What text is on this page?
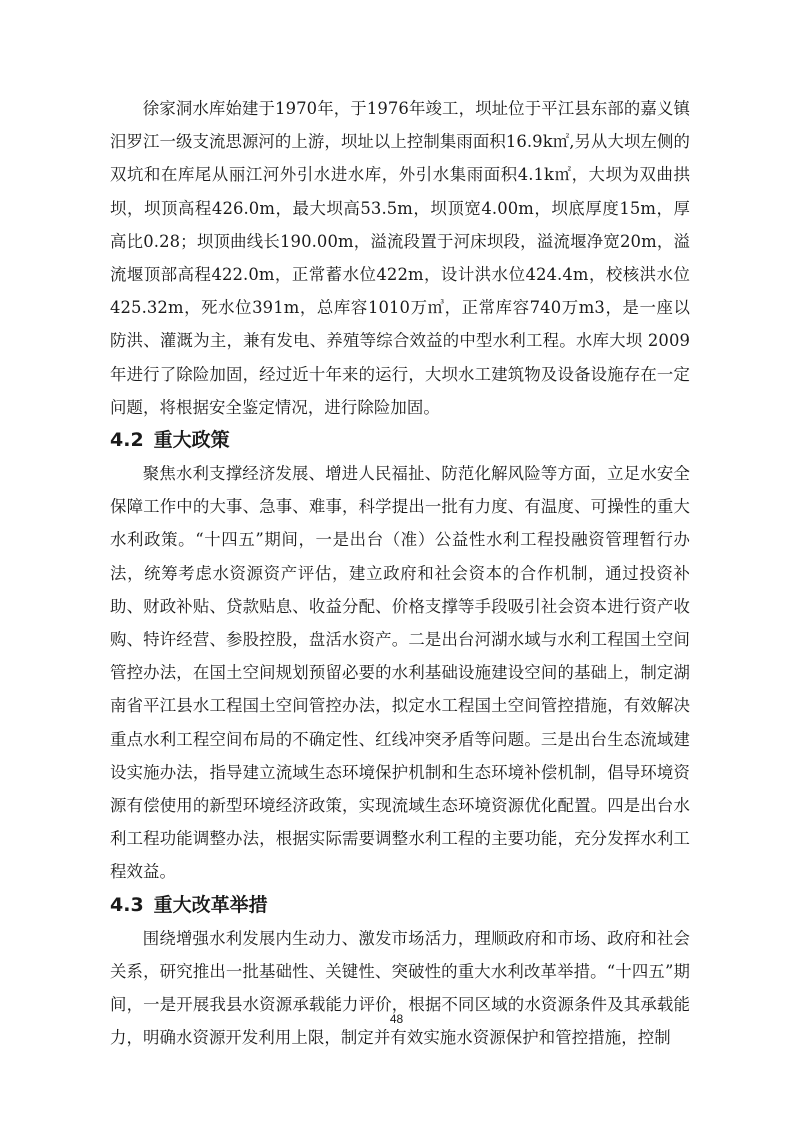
徐家洞水库始建于1970年，于1976年竣工，坝址位于平江县东部的嘉义镇汨罗江一级支流思源河的上游，坝址以上控制集雨面积16.9k㎡,另从大坝左侧的双坑和在库尾从丽江河外引水进水库，外引水集雨面积4.1k㎡，大坝为双曲拱坝，坝顶高程426.0m，最大坝高53.5m，坝顶宽4.00m，坝底厚度15m，厚高比0.28；坝顶曲线长190.00m，溢流段置于河床坝段，溢流堰净宽20m，溢流堰顶部高程422.0m，正常蓄水位422m，设计洪水位424.4m，校核洪水位425.32m，死水位391m，总库容1010万㎥，正常库容740万m3，是一座以防洪、灌溉为主，兼有发电、养殖等综合效益的中型水利工程。水库大坝 2009 年进行了除险加固，经过近十年来的运行，大坝水工建筑物及设备设施存在一定问题，将根据安全鉴定情况，进行除险加固。

4.2 重大政策

聚焦水利支撑经济发展、增进人民福扯、防范化解风险等方面，立足水安全保障工作中的大事、急事、难事，科学提出一批有力度、有温度、可操性的重大水利政策。“十四五”期间，一是出台（准）公益性水利工程投融资管理暂行办法，统筹考虑水资源资产评估，建立政府和社会资本的合作机制，通过投资补助、财政补贴、贷款贴息、收益分配、价格支撑等手段吸引社会资本进行资产收购、特许经营、参股控股，盘活水资产。二是出台河湖水域与水利工程国土空间管控办法，在国土空间规划预留必要的水利基础设施建设空间的基础上，制定湖南省平江县水工程国土空间管控办法，拟定水工程国土空间管控措施，有效解决重点水利工程空间布局的不确定性、红线冲突矛盾等问题。三是出台生态流域建设实施办法，指导建立流域生态环境保护机制和生态环境补偿机制，倡导环境资源有偿使用的新型环境经济政策，实现流域生态环境资源优化配置。四是出台水利工程功能调整办法，根据实际需要调整水利工程的主要功能，充分发挥水利工程效益。

4.3 重大改革举措

围绕增强水利发展内生动力、激发市场活力，理顺政府和市场、政府和社会关系，研究推出一批基础性、关键性、突破性的重大水利改革举措。“十四五”期间，一是开展我县水资源承载能力评价，根据不同区域的水资源条件及其承载能力，明确水资源开发利用上限，制定并有效实施水资源保护和管控措施，控制

48
